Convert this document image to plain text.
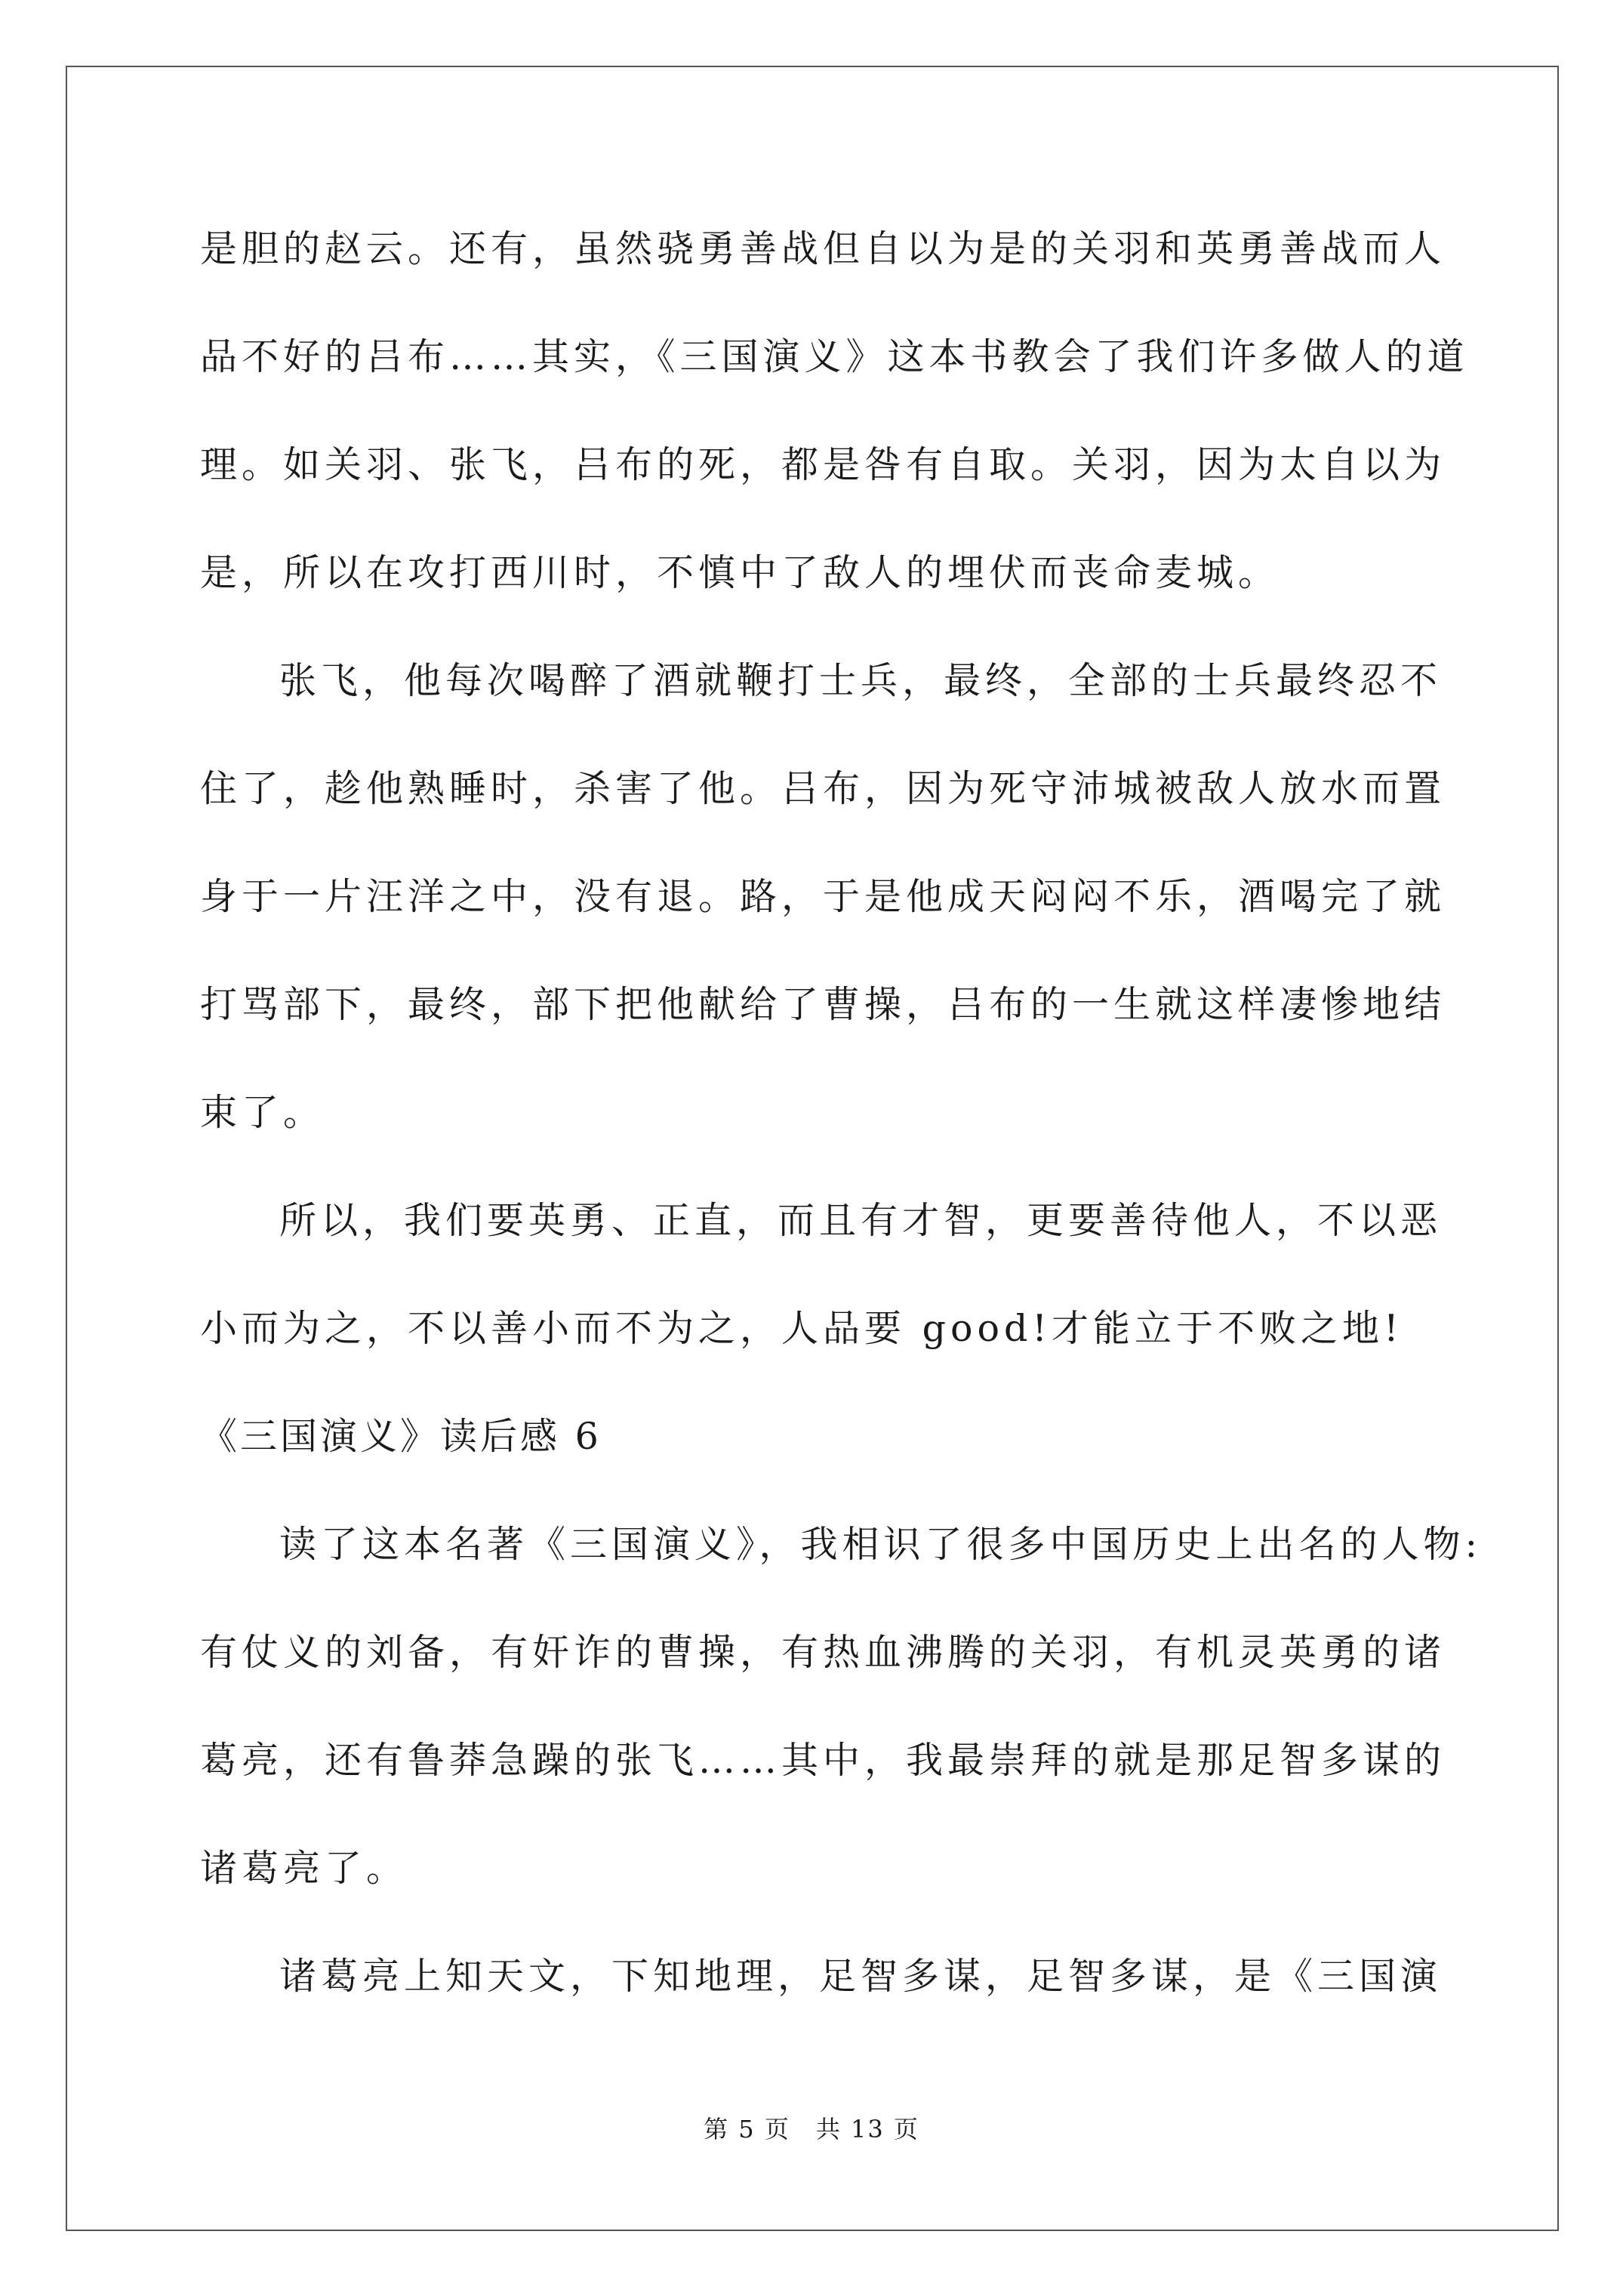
是胆的赵云。还有，虽然骁勇善战但自以为是的关羽和英勇善战而人
品不好的吕布……其实，《三国演义》这本书教会了我们许多做人的道
理。如关羽、张飞，吕布的死，都是咎有自取。关羽，因为太自以为
是，所以在攻打西川时，不慎中了敌人的埋伏而丧命麦城。
张飞，他每次喝醉了酒就鞭打士兵，最终，全部的士兵最终忍不
住了，趁他熟睡时，杀害了他。吕布，因为死守沛城被敌人放水而置
身于一片汪洋之中，没有退。路，于是他成天闷闷不乐，酒喝完了就
打骂部下，最终，部下把他献给了曹操，吕布的一生就这样凄惨地结
束了。
所以，我们要英勇、正直，而且有才智，更要善待他人，不以恶
小而为之，不以善小而不为之，人品要 good!才能立于不败之地!
《三国演义》读后感 6
读了这本名著《三国演义》，我相识了很多中国历史上出名的人物:
有仗义的刘备，有奸诈的曹操，有热血沸腾的关羽，有机灵英勇的诸
葛亮，还有鲁莽急躁的张飞……其中，我最崇拜的就是那足智多谋的
诸葛亮了。
诸葛亮上知天文，下知地理，足智多谋，足智多谋，是《三国演
第 5 页　共 13 页
